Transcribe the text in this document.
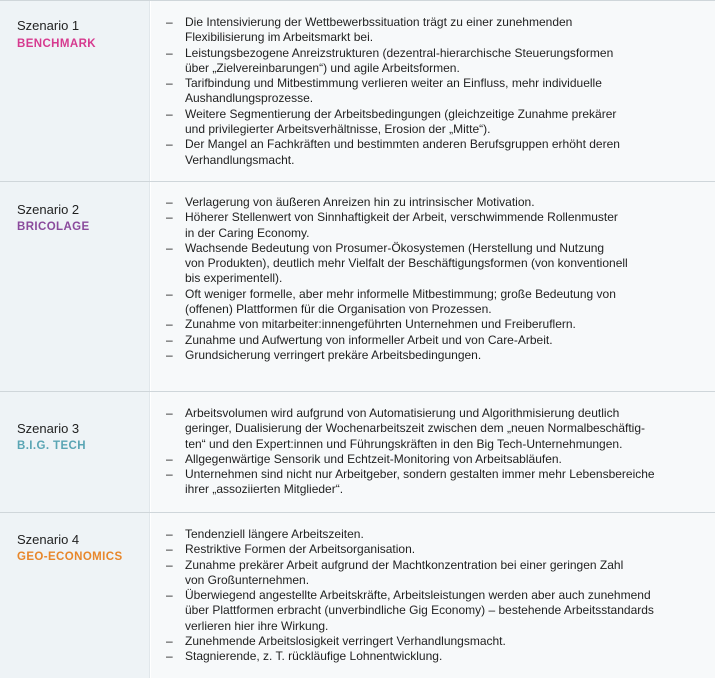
Szenario 1
BENCHMARK
– Die Intensivierung der Wettbewerbssituation trägt zu einer zunehmenden
Flexibilisierung im Arbeitsmarkt bei.
– Leistungsbezogene Anreizstrukturen (dezentral-hierarchische Steuerungsformen
über „Zielvereinbarungen“) und agile Arbeitsformen.
– Tarifbindung und Mitbestimmung verlieren weiter an Einfluss, mehr individuelle
Aushandlungsprozesse.
– Weitere Segmentierung der Arbeitsbedingungen (gleichzeitige Zunahme prekärer
und privilegierter Arbeitsverhältnisse, Erosion der „Mitte“).
– Der Mangel an Fachkräften und bestimmten anderen Berufsgruppen erhöht deren
Verhandlungsmacht.
Szenario 2
BRICOLAGE
– Verlagerung von äußeren Anreizen hin zu intrinsischer Motivation.
– Höherer Stellenwert von Sinnhaftigkeit der Arbeit, verschwimmende Rollenmuster
in der Caring Economy.
– Wachsende Bedeutung von Prosumer-Ökosystemen (Herstellung und Nutzung
von Produkten), deutlich mehr Vielfalt der Beschäftigungsformen (von konventionell
bis experimentell).
– Oft weniger formelle, aber mehr informelle Mitbestimmung; große Bedeutung von
(offenen) Plattformen für die Organisation von Prozessen.
– Zunahme von mitarbeiter:innengeführten Unternehmen und Freiberuflern.
– Zunahme und Aufwertung von informeller Arbeit und von Care-Arbeit.
– Grundsicherung verringert prekäre Arbeitsbedingungen.
Szenario 3
B.I.G. TECH
– Arbeitsvolumen wird aufgrund von Automatisierung und Algorithmisierung deutlich
geringer, Dualisierung der Wochenarbeitszeit zwischen dem „neuen Normalbeschäftig-
ten“ und den Expert:innen und Führungskräften in den Big Tech-Unternehmungen.
– Allgegenwärtige Sensorik und Echtzeit-Monitoring von Arbeitsabläufen.
– Unternehmen sind nicht nur Arbeitgeber, sondern gestalten immer mehr Lebensbereiche
ihrer „assoziierten Mitglieder“.
Szenario 4
GEO-ECONOMICS
– Tendenziell längere Arbeitszeiten.
– Restriktive Formen der Arbeitsorganisation.
– Zunahme prekärer Arbeit aufgrund der Machtkonzentration bei einer geringen Zahl
von Großunternehmen.
– Überwiegend angestellte Arbeitskräfte, Arbeitsleistungen werden aber auch zunehmend
über Plattformen erbracht (unverbindliche Gig Economy) – bestehende Arbeitsstandards
verlieren hier ihre Wirkung.
– Zunehmende Arbeitslosigkeit verringert Verhandlungsmacht.
– Stagnierende, z. T. rückläufige Lohnentwicklung.
